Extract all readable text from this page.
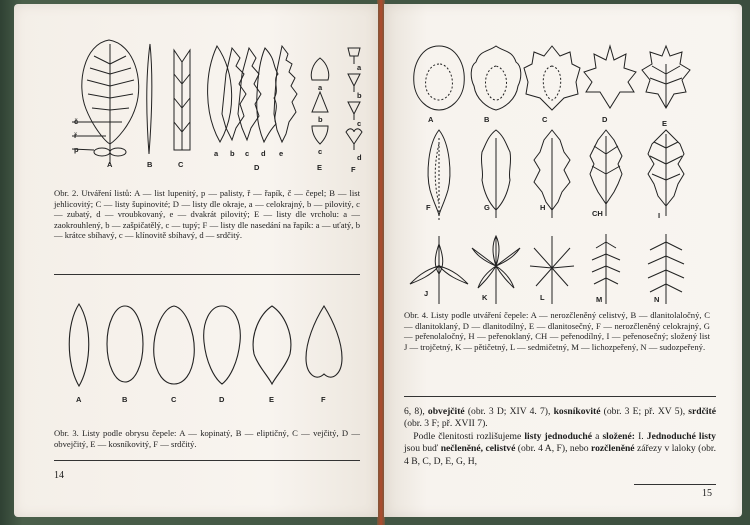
č
ř
p
A	B	C
a b c d e
D
a
b
c
E
a
b
c
d
F
Obr. 2. Utváření listů: A — list lupenitý, p — palisty, ř — řapík, č — čepel; B — list jehlicovitý; C — listy šupinovité; D — listy dle okraje, a — celokrajný, b — pilovitý, c — zubatý, d — vroubkovaný, e — dvakrát pilovitý; E — listy dle vrcholu: a — zaokrouhlený, b — zašpičatělý, c — tupý; F — listy dle nasedání na řapík: a — uťatý, b — krátce sbíhavý, c — klínovitě sbíhavý, d — srdčitý.
A	B	C	D	E	F
Obr. 3. Listy podle obrysu čepele: A — kopinatý, B — eliptičný, C — vejčitý, D — obvejčitý, E — kosníkovitý, F — srdčitý.
14
A	B	C	D	E
F	G	H
CH	I
J	K	L	M	N
Obr. 4. Listy podle utváření čepele: A — nerozčleněný celistvý, B — dlanitolaločný, C — dlanitoklaný, D — dlanitodílný, E — dlanitosečný, F — nerozčleněný celokrajný, G — peřenolaločný, H — peřenoklaný, CH — peřenodílný, I — peřenosečný; složený list J — trojčetný, K — pětičetný, L — sedmičetný, M — lichozpeřený, N — sudozpeřený.
6, 8), obvejčité (obr. 3 D; XIV 4. 7), kosníkovité (obr. 3 E; př. XV 5), srdčité (obr. 3 F; př. XVII 7).
Podle členitosti rozlišujeme listy jednoduché a složené: I. Jednoduché listy jsou buď nečleněné, celistvé (obr. 4 A, F), nebo rozčleněné zářezy v laloky (obr. 4 B, C, D, E, G, H,
15
